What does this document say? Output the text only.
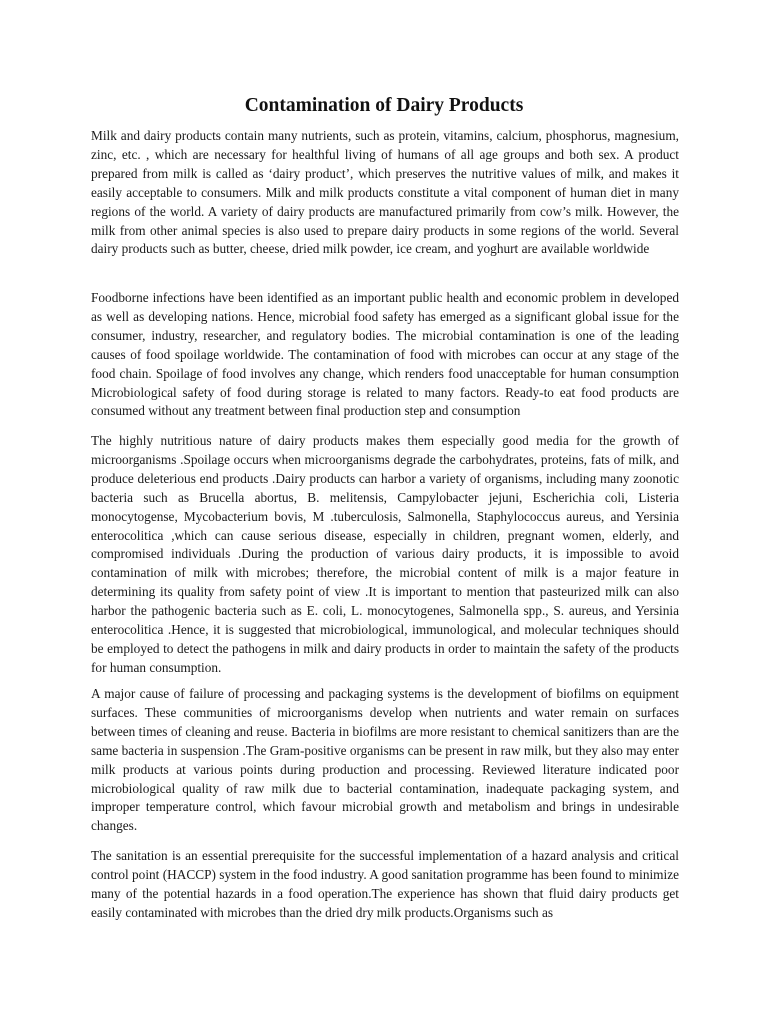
Contamination of Dairy Products

Milk and dairy products contain many nutrients, such as protein, vitamins, calcium, phosphorus, magnesium, zinc, etc. , which are necessary for healthful living of humans of all age groups and both sex. A product prepared from milk is called as ‘dairy product’, which preserves the nutritive values of milk, and makes it easily acceptable to consumers. Milk and milk products constitute a vital component of human diet in many regions of the world. A variety of dairy products are manufactured primarily from cow’s milk. However, the milk from other animal species is also used to prepare dairy products in some regions of the world. Several dairy products such as butter, cheese, dried milk powder, ice cream, and yoghurt are available worldwide

Foodborne infections have been identified as an important public health and economic problem in developed as well as developing nations. Hence, microbial food safety has emerged as a significant global issue for the consumer, industry, researcher, and regulatory bodies. The microbial contamination is one of the leading causes of food spoilage worldwide. The contamination of food with microbes can occur at any stage of the food chain. Spoilage of food involves any change, which renders food unacceptable for human consumption Microbiological safety of food during storage is related to many factors. Ready-to eat food products are consumed without any treatment between final production step and consumption

The highly nutritious nature of dairy products makes them especially good media for the growth of microorganisms .Spoilage occurs when microorganisms degrade the carbohydrates, proteins, fats of milk, and produce deleterious end products .Dairy products can harbor a variety of organisms, including many zoonotic bacteria such as Brucella abortus, B. melitensis, Campylobacter jejuni, Escherichia coli, Listeria monocytogense, Mycobacterium bovis, M .tuberculosis, Salmonella, Staphylococcus aureus, and Yersinia enterocolitica ,which can cause serious disease, especially in children, pregnant women, elderly, and compromised individuals .During the production of various dairy products, it is impossible to avoid contamination of milk with microbes; therefore, the microbial content of milk is a major feature in determining its quality from safety point of view .It is important to mention that pasteurized milk can also harbor the pathogenic bacteria such as E. coli, L. monocytogenes, Salmonella spp., S. aureus, and Yersinia enterocolitica .Hence, it is suggested that microbiological, immunological, and molecular techniques should be employed to detect the pathogens in milk and dairy products in order to maintain the safety of the products for human consumption.

A major cause of failure of processing and packaging systems is the development of biofilms on equipment surfaces. These communities of microorganisms develop when nutrients and water remain on surfaces between times of cleaning and reuse. Bacteria in biofilms are more resistant to chemical sanitizers than are the same bacteria in suspension .The Gram-positive organisms can be present in raw milk, but they also may enter milk products at various points during production and processing. Reviewed literature indicated poor microbiological quality of raw milk due to bacterial contamination, inadequate packaging system, and improper temperature control, which favour microbial growth and metabolism and brings in undesirable changes.

The sanitation is an essential prerequisite for the successful implementation of a hazard analysis and critical control point (HACCP) system in the food industry. A good sanitation programme has been found to minimize many of the potential hazards in a food operation.The experience has shown that fluid dairy products get easily contaminated with microbes than the dried dry milk products.Organisms such as
